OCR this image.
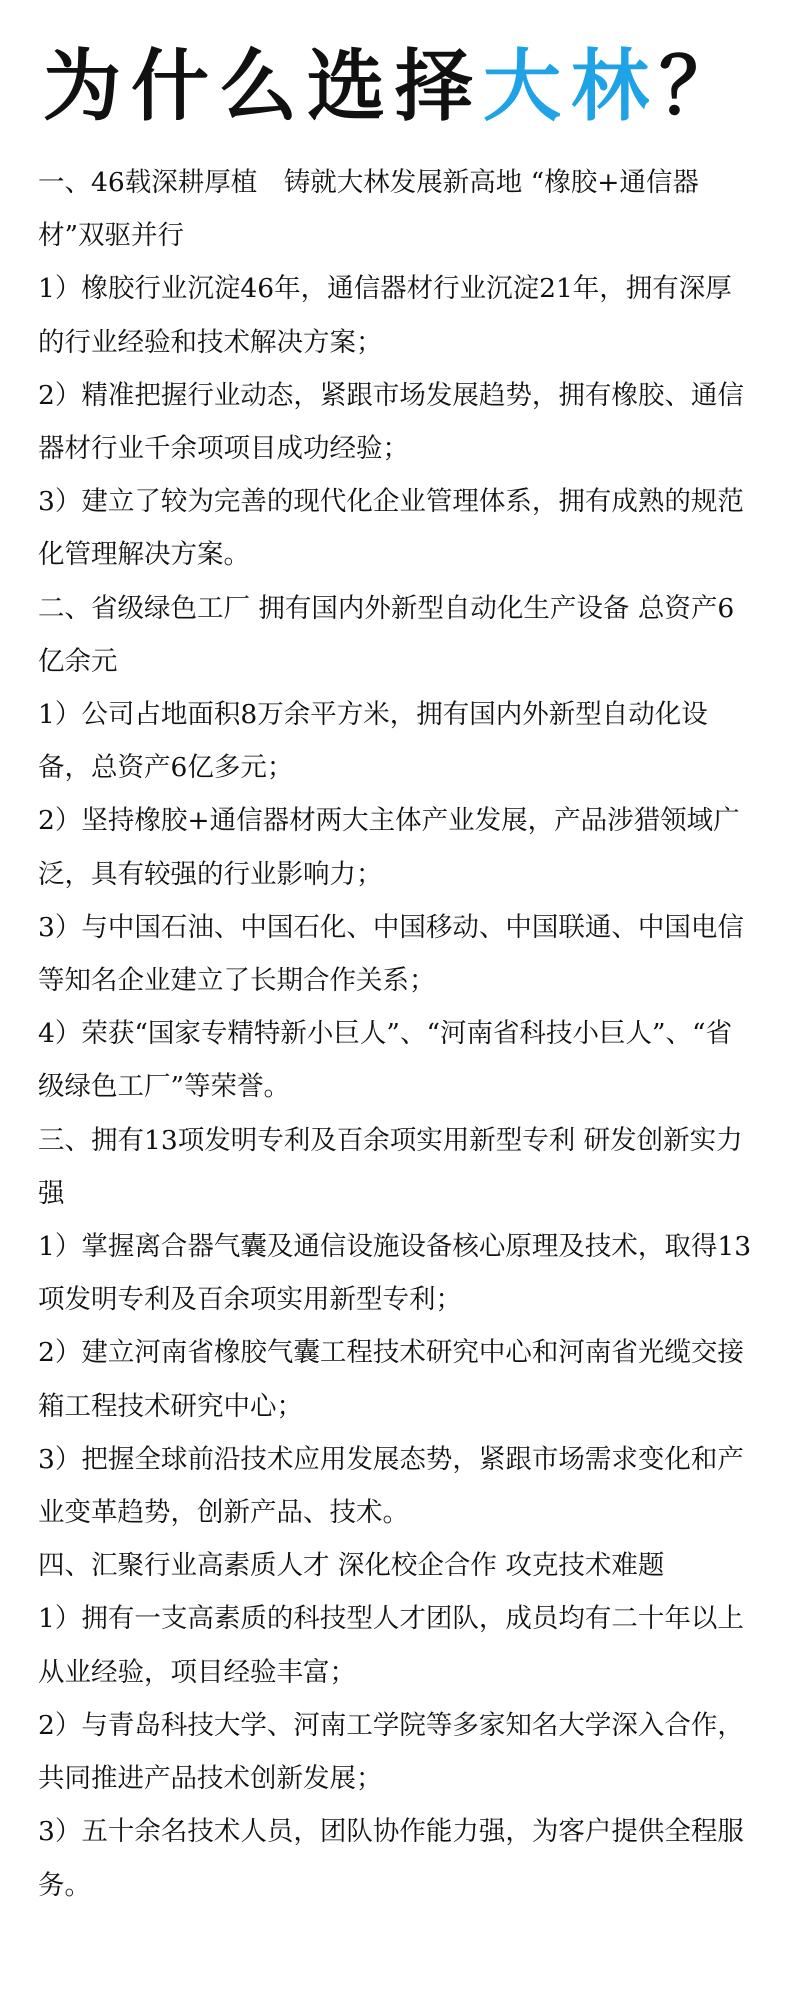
为什么选择大林？

一、46载深耕厚植　铸就大林发展新高地 “橡胶+通信器材”双驱并行

1）橡胶行业沉淀46年，通信器材行业沉淀21年，拥有深厚的行业经验和技术解决方案；

2）精准把握行业动态，紧跟市场发展趋势，拥有橡胶、通信器材行业千余项项目成功经验；

3）建立了较为完善的现代化企业管理体系，拥有成熟的规范化管理解决方案。

二、省级绿色工厂 拥有国内外新型自动化生产设备 总资产6亿余元

1）公司占地面积8万余平方米，拥有国内外新型自动化设备，总资产6亿多元；

2）坚持橡胶+通信器材两大主体产业发展，产品涉猎领域广泛，具有较强的行业影响力；

3）与中国石油、中国石化、中国移动、中国联通、中国电信等知名企业建立了长期合作关系；

4）荣获“国家专精特新小巨人”、“河南省科技小巨人”、“省级绿色工厂”等荣誉。

三、拥有13项发明专利及百余项实用新型专利 研发创新实力强

1）掌握离合器气囊及通信设施设备核心原理及技术，取得13项发明专利及百余项实用新型专利；

2）建立河南省橡胶气囊工程技术研究中心和河南省光缆交接箱工程技术研究中心；

3）把握全球前沿技术应用发展态势，紧跟市场需求变化和产业变革趋势，创新产品、技术。

四、汇聚行业高素质人才 深化校企合作 攻克技术难题

1）拥有一支高素质的科技型人才团队，成员均有二十年以上从业经验，项目经验丰富；

2）与青岛科技大学、河南工学院等多家知名大学深入合作，共同推进产品技术创新发展；

3）五十余名技术人员，团队协作能力强，为客户提供全程服务。
